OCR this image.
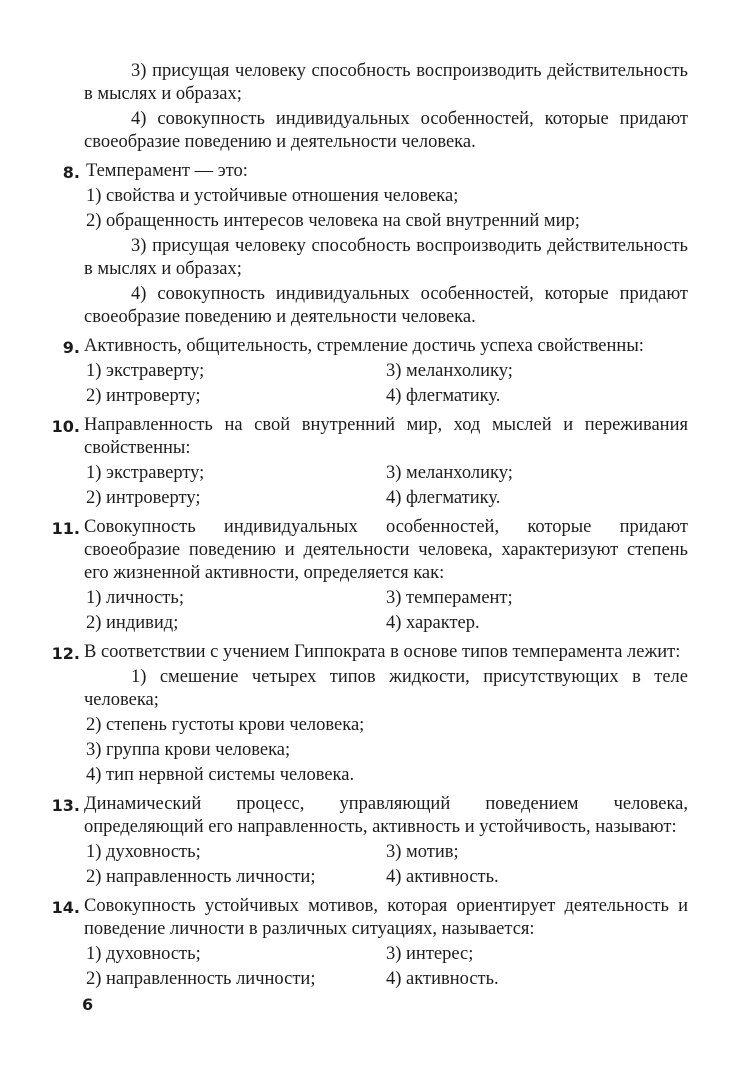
3) присущая человеку способность воспроизводить действительность в мыслях и образах;

4) совокупность индивидуальных особенностей, которые придают своеобразие поведению и деятельности человека.

8. Темперамент — это:

1) свойства и устойчивые отношения человека;

2) обращенность интересов человека на свой внутренний мир;

3) присущая человеку способность воспроизводить действительность в мыслях и образах;

4) совокупность индивидуальных особенностей, которые придают своеобразие поведению и деятельности человека.

9. Активность, общительность, стремление достичь успеха свойственны:

1) экстраверту;	3) меланхолику;
2) интроверту;	4) флегматику.
10. Направленность на свой внутренний мир, ход мыслей и переживания свойственны:

1) экстраверту;	3) меланхолику;
2) интроверту;	4) флегматику.
11. Совокупность индивидуальных особенностей, которые придают своеобразие поведению и деятельности человека, характеризуют степень его жизненной активности, определяется как:

1) личность;	3) темперамент;
2) индивид;	4) характер.
12. В соответствии с учением Гиппократа в основе типов темперамента лежит:

1) смешение четырех типов жидкости, присутствующих в теле человека;

2) степень густоты крови человека;

3) группа крови человека;

4) тип нервной системы человека.

13. Динамический процесс, управляющий поведением человека, определяющий его направленность, активность и устойчивость, называют:

1) духовность;	3) мотив;
2) направленность личности;	4) активность.
14. Совокупность устойчивых мотивов, которая ориентирует деятельность и поведение личности в различных ситуациях, называется:

1) духовность;	3) интерес;
2) направленность личности;	4) активность.
6
